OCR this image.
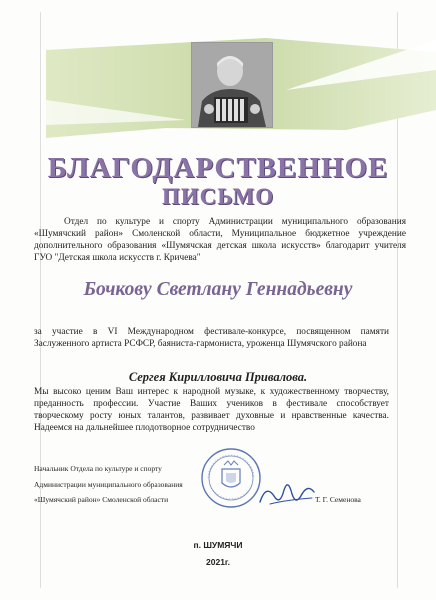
БЛАГОДАРСТВЕННОЕ
ПИСЬМО
Отдел по культуре и спорту Администрации муниципального образования «Шумячский район» Смоленской области, Муниципальное бюджетное учреждение дополнительного образования «Шумячская детская школа искусств» благодарит учителя ГУО "Детская школа искусств г. Кричева"
Бочкову Светлану Геннадьевну
за участие в VI Международном фестивале-конкурсе, посвященном памяти Заслуженного артиста РСФСР, баяниста-гармониста, уроженца Шумячского района
Сергея Кирилловича Привалова.
Мы высоко ценим Ваш интерес к народной музыке, к художественному творчеству, преданность профессии. Участие Ваших учеников в фестивале способствует творческому росту юных талантов, развивает духовные и нравственные качества. Надеемся на дальнейшее плодотворное сотрудничество
Начальник Отдела по культуре и спорту
Администрации муниципального образования
«Шумячский район» Смоленской области	Т. Г. Семенова
п. ШУМЯЧИ
2021г.
